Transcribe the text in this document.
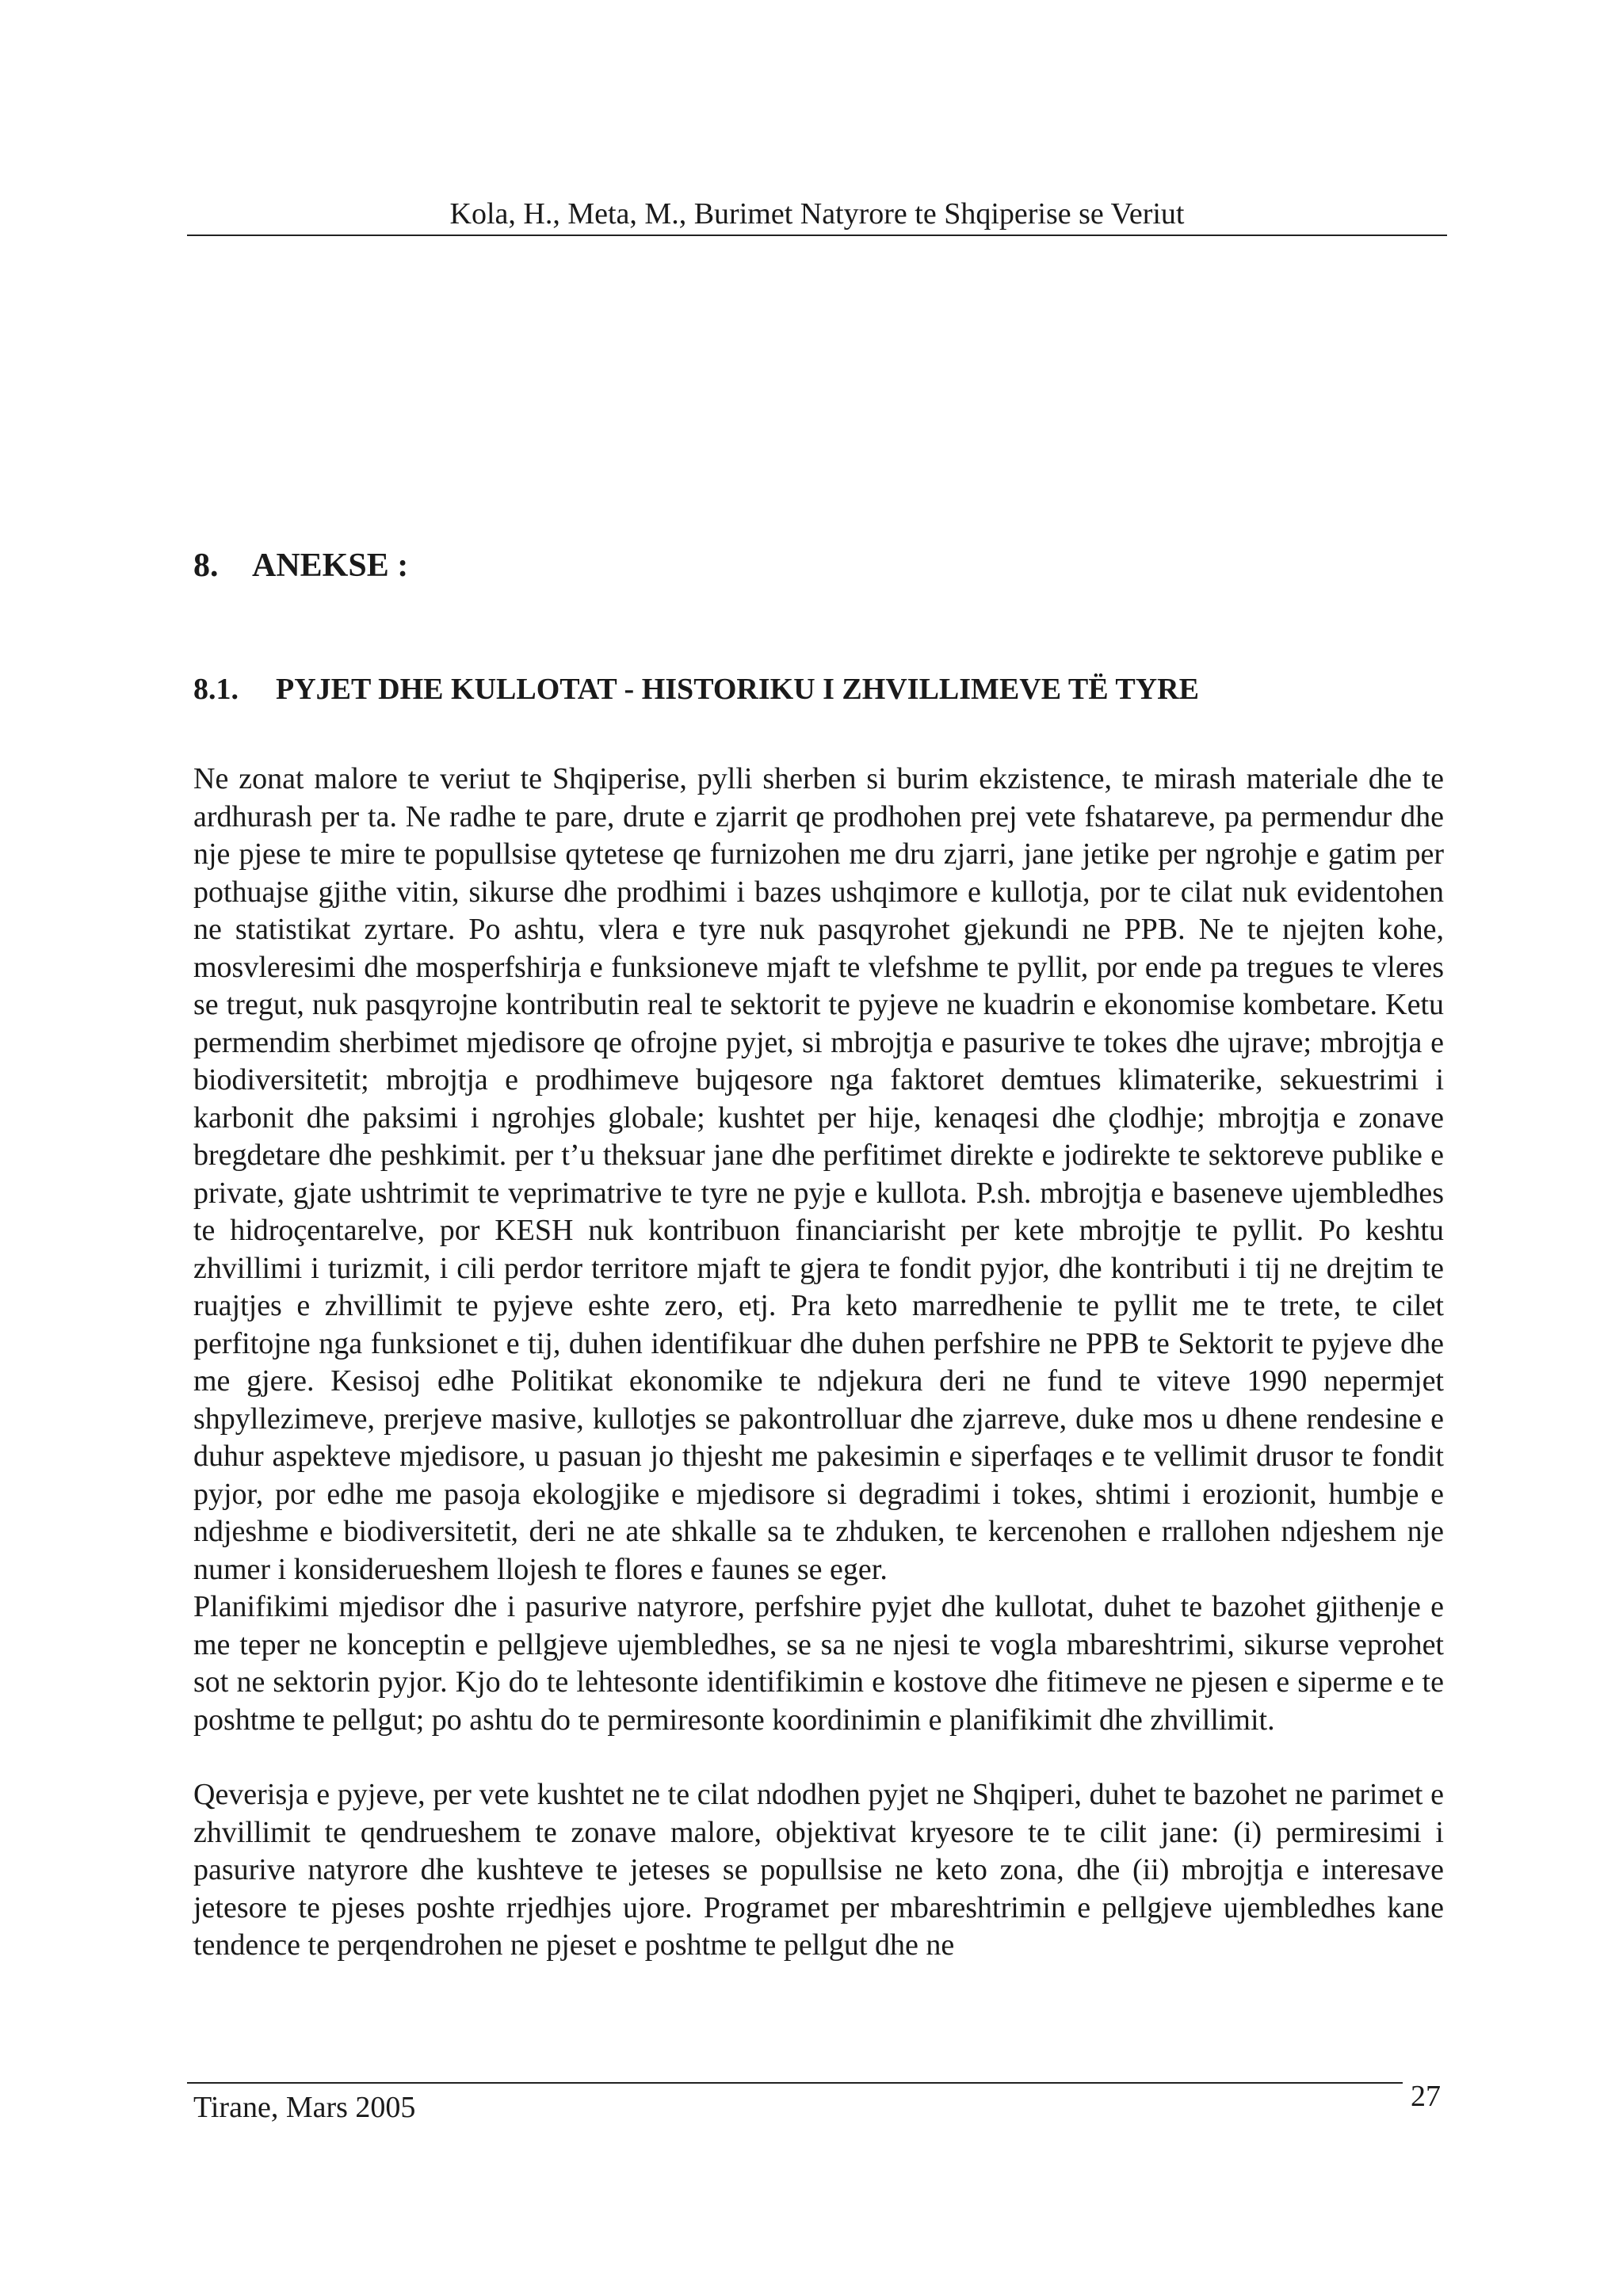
Kola, H., Meta, M., Burimet Natyrore te Shqiperise se Veriut
8. ANEKSE :
8.1. PYJET DHE KULLOTAT - HISTORIKU I ZHVILLIMEVE TË TYRE

Ne zonat malore te veriut te Shqiperise, pylli sherben si burim ekzistence, te mirash materiale dhe te ardhurash per ta. Ne radhe te pare, drute e zjarrit qe prodhohen prej vete fshatareve, pa permendur dhe nje pjese te mire te popullsise qytetese qe furnizohen me dru zjarri, jane jetike per ngrohje e gatim per pothuajse gjithe vitin, sikurse dhe prodhimi i bazes ushqimore e kullotja, por te cilat nuk evidentohen ne statistikat zyrtare. Po ashtu, vlera e tyre nuk pasqyrohet gjekundi ne PPB. Ne te njejten kohe, mosvleresimi dhe mosperfshirja e funksioneve mjaft te vlefshme te pyllit, por ende pa tregues te vleres se tregut, nuk pasqyrojne kontributin real te sektorit te pyjeve ne kuadrin e ekonomise kombetare. Ketu permendim sherbimet mjedisore qe ofrojne pyjet, si mbrojtja e pasurive te tokes dhe ujrave; mbrojtja e biodiversitetit; mbrojtja e prodhimeve bujqesore nga faktoret demtues klimaterike, sekuestrimi i karbonit dhe paksimi i ngrohjes globale; kushtet per hije, kenaqesi dhe çlodhje; mbrojtja e zonave bregdetare dhe peshkimit. per t’u theksuar jane dhe perfitimet direkte e jodirekte te sektoreve publike e private, gjate ushtrimit te veprimatrive te tyre ne pyje e kullota. P.sh. mbrojtja e baseneve ujembledhes te hidroçentarelve, por KESH nuk kontribuon financiarisht per kete mbrojtje te pyllit. Po keshtu zhvillimi i turizmit, i cili perdor territore mjaft te gjera te fondit pyjor, dhe kontributi i tij ne drejtim te ruajtjes e zhvillimit te pyjeve eshte zero, etj. Pra keto marredhenie te pyllit me te trete, te cilet perfitojne nga funksionet e tij, duhen identifikuar dhe duhen perfshire ne PPB te Sektorit te pyjeve dhe me gjere. Kesisoj edhe Politikat ekonomike te ndjekura deri ne fund te viteve 1990 nepermjet shpyllezimeve, prerjeve masive, kullotjes se pakontrolluar dhe zjarreve, duke mos u dhene rendesine e duhur aspekteve mjedisore, u pasuan jo thjesht me pakesimin e siperfaqes e te vellimit drusor te fondit pyjor, por edhe me pasoja ekologjike e mjedisore si degradimi i tokes, shtimi i erozionit, humbje e ndjeshme e biodiversitetit, deri ne ate shkalle sa te zhduken, te kercenohen e rrallohen ndjeshem nje numer i konsiderueshem llojesh te flores e faunes se eger.

Planifikimi mjedisor dhe i pasurive natyrore, perfshire pyjet dhe kullotat, duhet te bazohet gjithenje e me teper ne konceptin e pellgjeve ujembledhes, se sa ne njesi te vogla mbareshtrimi, sikurse veprohet sot ne sektorin pyjor. Kjo do te lehtesonte identifikimin e kostove dhe fitimeve ne pjesen e siperme e te poshtme te pellgut; po ashtu do te permiresonte koordinimin e planifikimit dhe zhvillimit.

Qeverisja e pyjeve, per vete kushtet ne te cilat ndodhen pyjet ne Shqiperi, duhet te bazohet ne parimet e zhvillimit te qendrueshem te zonave malore, objektivat kryesore te te cilit jane: (i) permiresimi i pasurive natyrore dhe kushteve te jeteses se popullsise ne keto zona, dhe (ii) mbrojtja e interesave jetesore te pjeses poshte rrjedhjes ujore. Programet per mbareshtrimin e pellgjeve ujembledhes kane tendence te perqendrohen ne pjeset e poshtme te pellgut dhe ne

Tirane, Mars 2005	27
